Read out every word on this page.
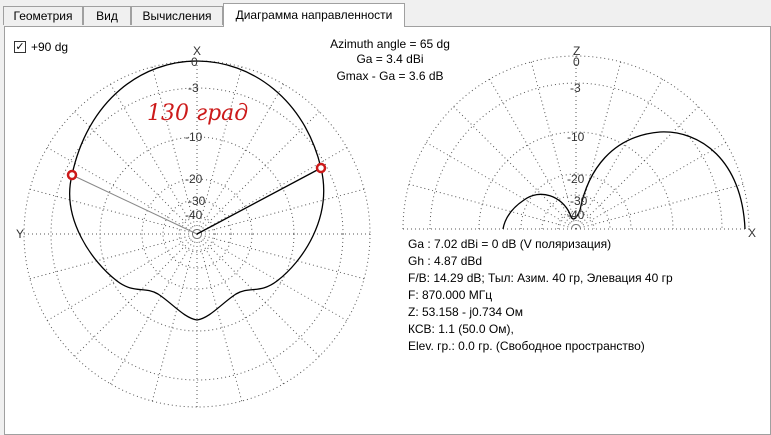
Геометрия	Вид	Вычисления	Диаграмма направленности
0
-3
-10
-20
-30
-40
X
Y
0
-3
-10
-20
-30
-40
Z
X
130 град
✓ +90 dg	Azimuth angle = 65 dg
Ga = 3.4 dBi
Gmax - Ga = 3.6 dB
Ga : 7.02 dBi = 0 dB (V поляризация)
Gh : 4.87 dBd
F/B: 14.29 dB; Тыл: Азим. 40 гр, Элевация 40 гр
F: 870.000 МГц
Z: 53.158 - j0.734 Ом
КСВ: 1.1 (50.0 Ом),
Elev. гр.: 0.0 гр. (Свободное пространство)
